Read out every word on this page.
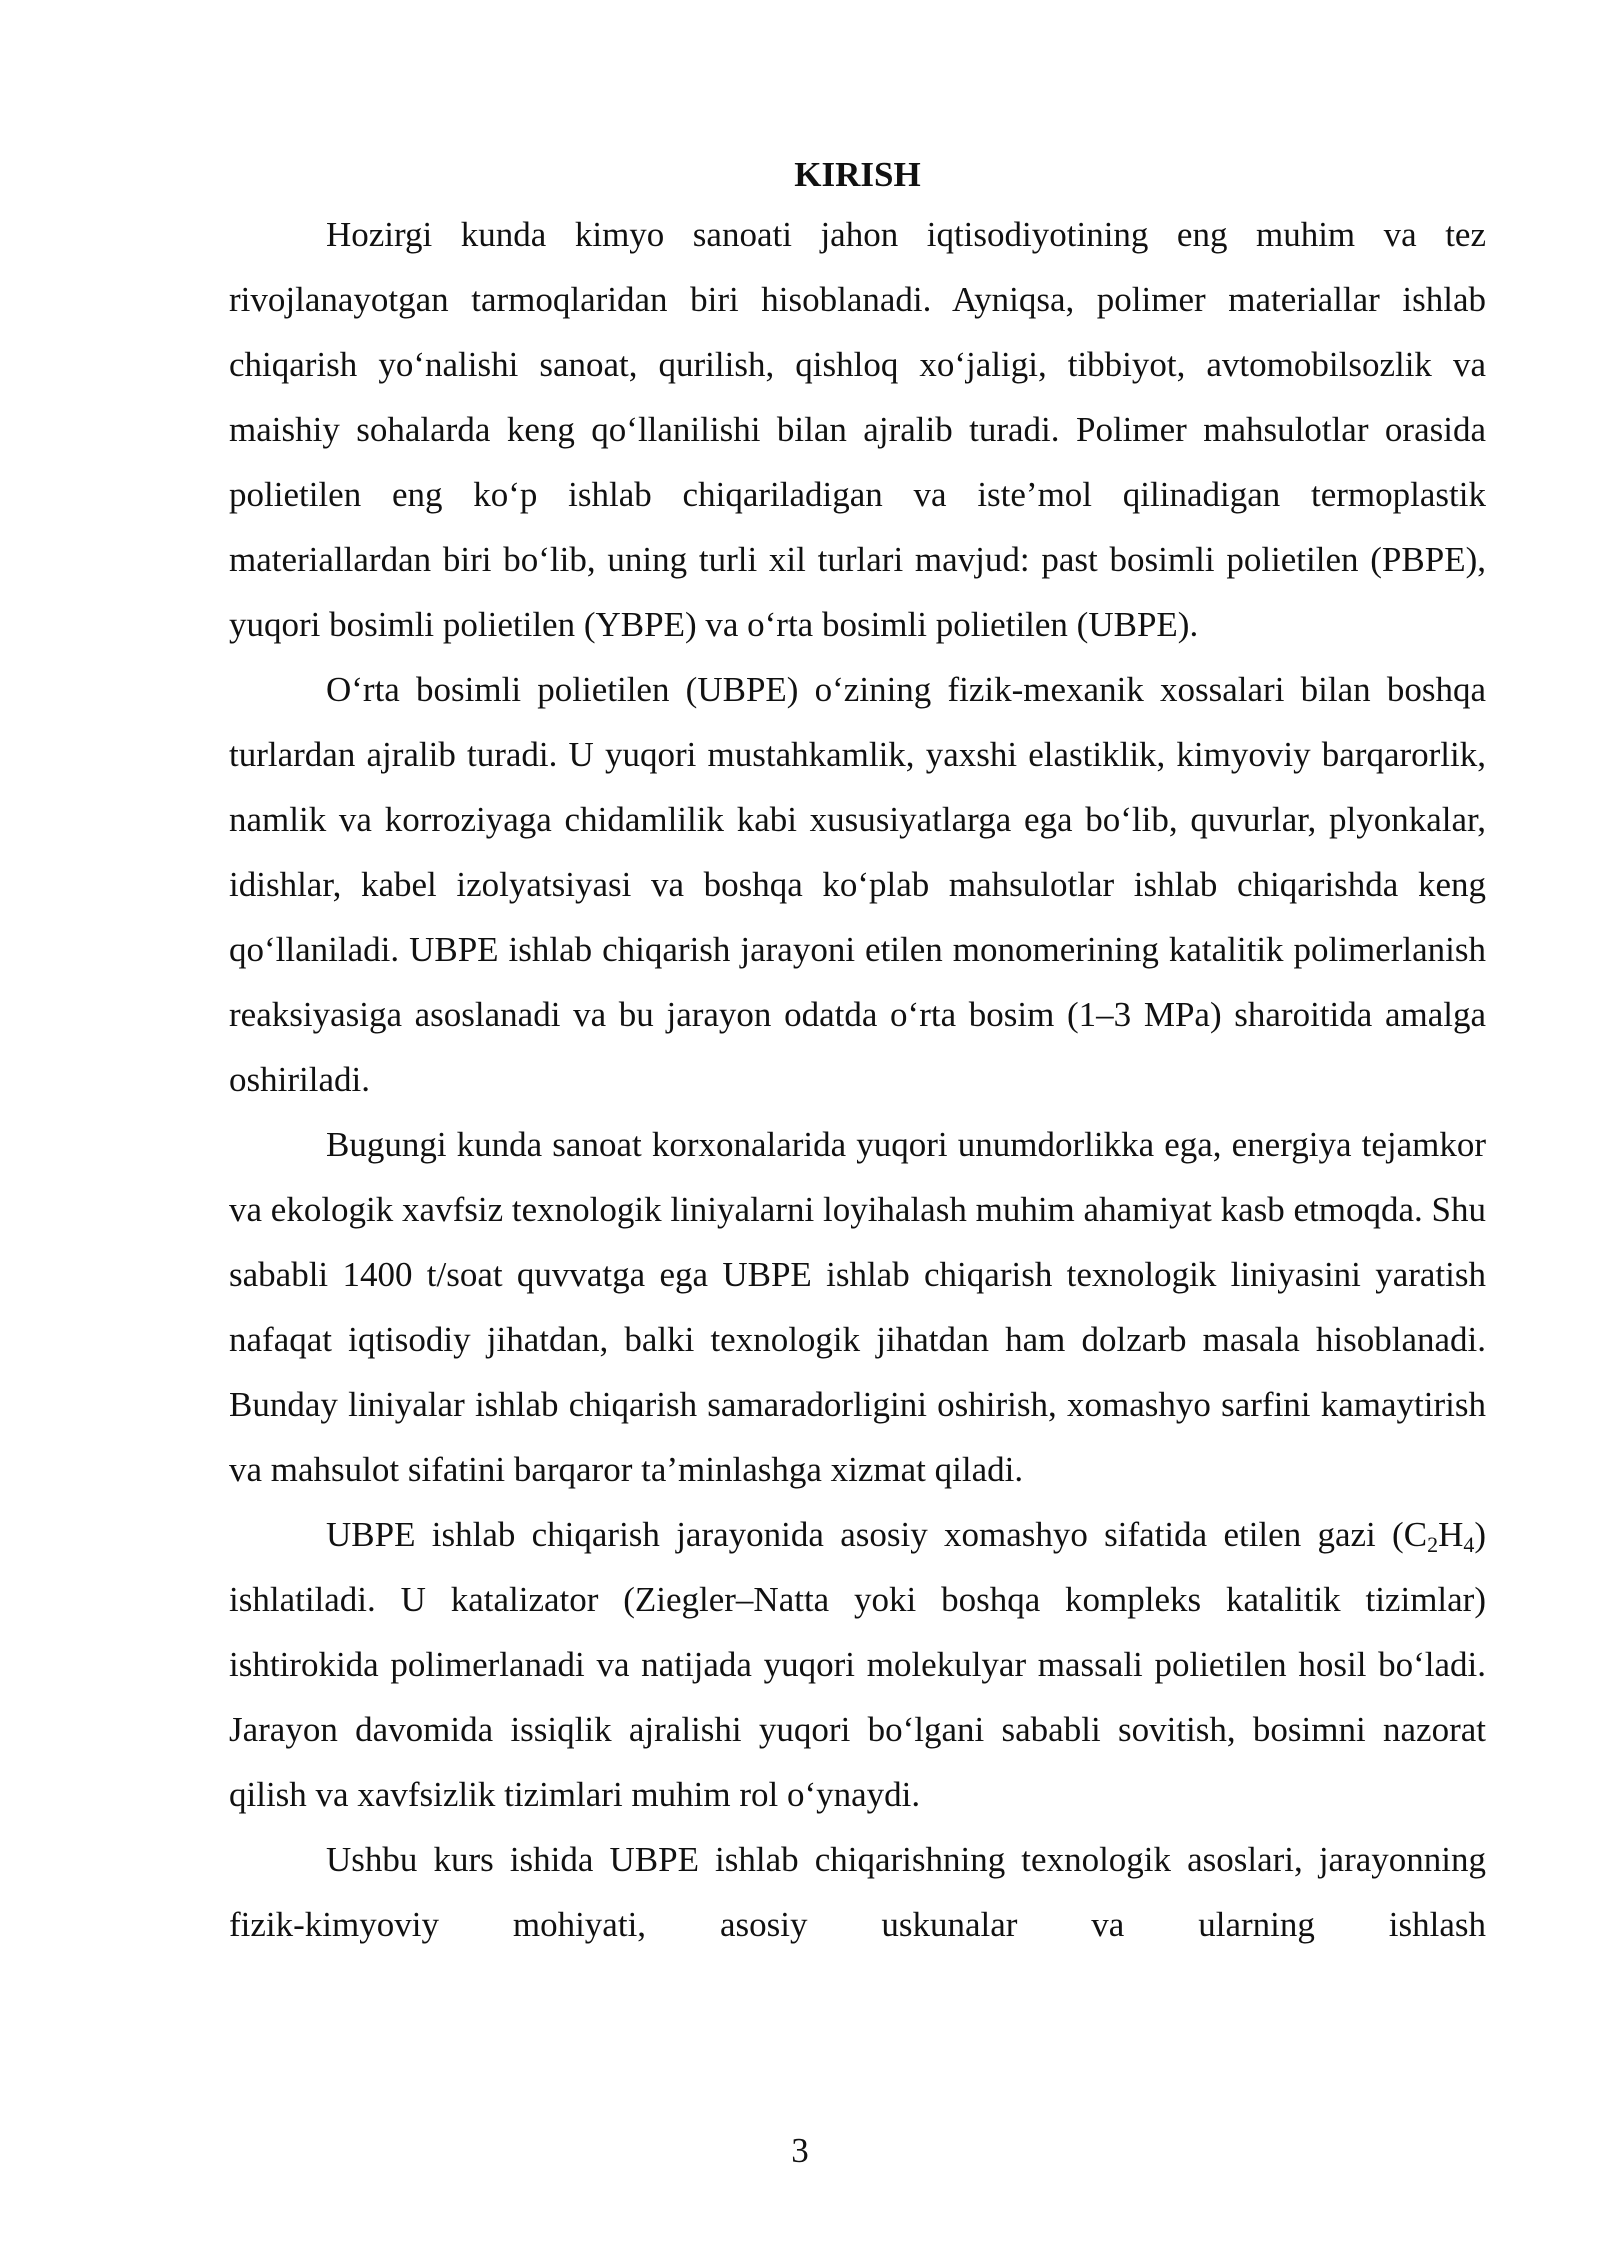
KIRISH

Hozirgi kunda kimyo sanoati jahon iqtisodiyotining eng muhim va tez rivojlanayotgan tarmoqlaridan biri hisoblanadi. Ayniqsa, polimer materiallar ishlab chiqarish yo‘nalishi sanoat, qurilish, qishloq xo‘jaligi, tibbiyot, avtomobilsozlik va maishiy sohalarda keng qo‘llanilishi bilan ajralib turadi. Polimer mahsulotlar orasida polietilen eng ko‘p ishlab chiqariladigan va iste’mol qilinadigan termoplastik materiallardan biri bo‘lib, uning turli xil turlari mavjud: past bosimli polietilen (PBPE), yuqori bosimli polietilen (YBPE) va o‘rta bosimli polietilen (UBPE).

O‘rta bosimli polietilen (UBPE) o‘zining fizik-mexanik xossalari bilan boshqa turlardan ajralib turadi. U yuqori mustahkamlik, yaxshi elastiklik, kimyoviy barqarorlik, namlik va korroziyaga chidamlilik kabi xususiyatlarga ega bo‘lib, quvurlar, plyonkalar, idishlar, kabel izolyatsiyasi va boshqa ko‘plab mahsulotlar ishlab chiqarishda keng qo‘llaniladi. UBPE ishlab chiqarish jarayoni etilen monomerining katalitik polimerlanish reaksiyasiga asoslanadi va bu jarayon odatda o‘rta bosim (1–3 MPa) sharoitida amalga oshiriladi.

Bugungi kunda sanoat korxonalarida yuqori unumdorlikka ega, energiya tejamkor va ekologik xavfsiz texnologik liniyalarni loyihalash muhim ahamiyat kasb etmoqda. Shu sababli 1400 t/soat quvvatga ega UBPE ishlab chiqarish texnologik liniyasini yaratish nafaqat iqtisodiy jihatdan, balki texnologik jihatdan ham dolzarb masala hisoblanadi. Bunday liniyalar ishlab chiqarish samaradorligini oshirish, xomashyo sarfini kamaytirish va mahsulot sifatini barqaror ta’minlashga xizmat qiladi.

UBPE ishlab chiqarish jarayonida asosiy xomashyo sifatida etilen gazi $(C_2H_4)$ ishlatiladi. U katalizator (Ziegler–Natta yoki boshqa kompleks katalitik tizimlar) ishtirokida polimerlanadi va natijada yuqori molekulyar massali polietilen hosil bo‘ladi. Jarayon davomida issiqlik ajralishi yuqori bo‘lgani sababli sovitish, bosimni nazorat qilish va xavfsizlik tizimlari muhim rol o‘ynaydi.

Ushbu kurs ishida UBPE ishlab chiqarishning texnologik asoslari, jarayonning fizik-kimyoviy mohiyati, asosiy uskunalar va ularning ishlash

3
